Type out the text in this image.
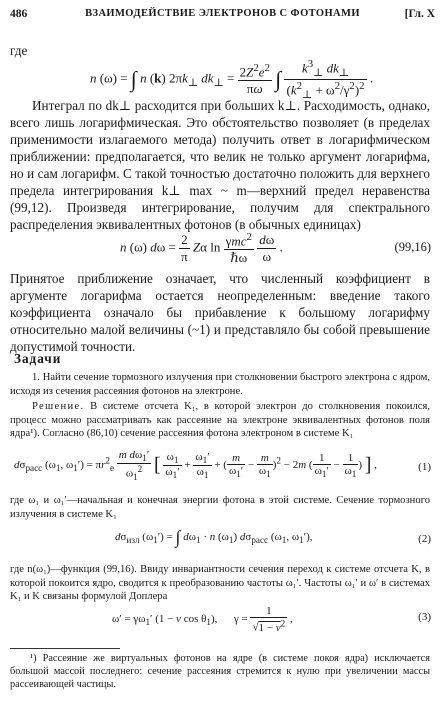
486	ВЗАИМОДЕЙСТВИЕ ЭЛЕКТРОНОВ С ФОТОНАМИ	[Гл. X
где
n (ω) = ∫ n (k) $2\pi k_\perp$ $dk_\perp = \frac{2Z^2e^2}{\pi\omega}$ ∫ $\frac{k^3_\perp dk_\perp}{(k^2_\perp + \omega^2/\gamma^2)^2}$ .
Интеграл по dk⊥ расходится при больших k⊥. Расходимость, однако, всего лишь логарифмическая. Это обстоятельство позволяет (в пределах применимости излагаемого метода) получить ответ в логарифмическом приближении: предполагается, что велик не только аргумент логарифма, но и сам логарифм. С такой точностью достаточно положить для верхнего предела интегрирования k⊥ max ~ m—верхний предел неравенства (99,12). Произведя интегрирование, получим для спектрального распределения эквивалентных фотонов (в обычных единицах)
n (ω) $d\omega = \frac{2}{\pi}$ Zα $\ln \frac{\gamma mc^2}{\text{ℏω}}$
$\frac{d\omega}{\omega}$ .	(99,16)
Принятое приближение означает, что численный коэффициент в аргументе логарифма остается неопределенным: введение такого коэффициента означало бы прибавление к большому логарифму относительно малой величины (~1) и представляло бы собой превышение допустимой точности.
Задачи
1. Найти сечение тормозного излучения при столкновении быстрого электрона с ядром, исходя из сечения рассеяния фотонов на электроне.
Решение. В системе отсчета K₁, в которой электрон до столкновения покоился, процесс можно рассматривать как рассеяние на электроне эквивалентных фотонов поля ядра¹). Согласно (86,10) сечение рассеяния фотона электроном в системе K₁
$d\sigma_{расс}$ ($\omega_1$, $\omega_1') = \pi r^2_e \frac{m d\omega_1'}{\omega_1^2}$ [ $\frac{\omega_1}{\omega_1'} + \frac{\omega_1'}{\omega_1}$ + ( $\frac{m}{\omega_1'} - \frac{m}{\omega_1} )^2 - 2m$ ( $\frac{1}{\omega_1'} - \frac{1}{\omega_1}$ ) ] ,	(1)
где ω₁ и ω₁′—начальная и конечная энергии фотона в этой системе. Сечение тормозного излучения в системе K₁
$d\sigma_{изл}$ $(\omega_1')$ = ∫ $d\omega_1 \cdot n$ $(\omega_1)$ $d\sigma_{расс}$ ($\omega_1$, $\omega_1'$),	(2)
где n(ω₁)—функция (99,16). Ввиду инвариантности сечения переход к системе отсчета K, в которой покоится ядро, сводится к преобразованию частоты ω₁′. Частоты ω₁′ и ω′ в системах K₁ и K связаны формулой Доплера
$\omega' = \gamma\omega_1'$ (1 − v $\cos \theta_1$),      $\gamma = \frac{1}{√1 - v^2}$ ,	(3)
¹) Рассеяние же виртуальных фотонов на ядре (в системе покоя ядра) исключается большой массой последнего: сечение рассеяния стремится к нулю при увеличении массы рассеивающей частицы.
